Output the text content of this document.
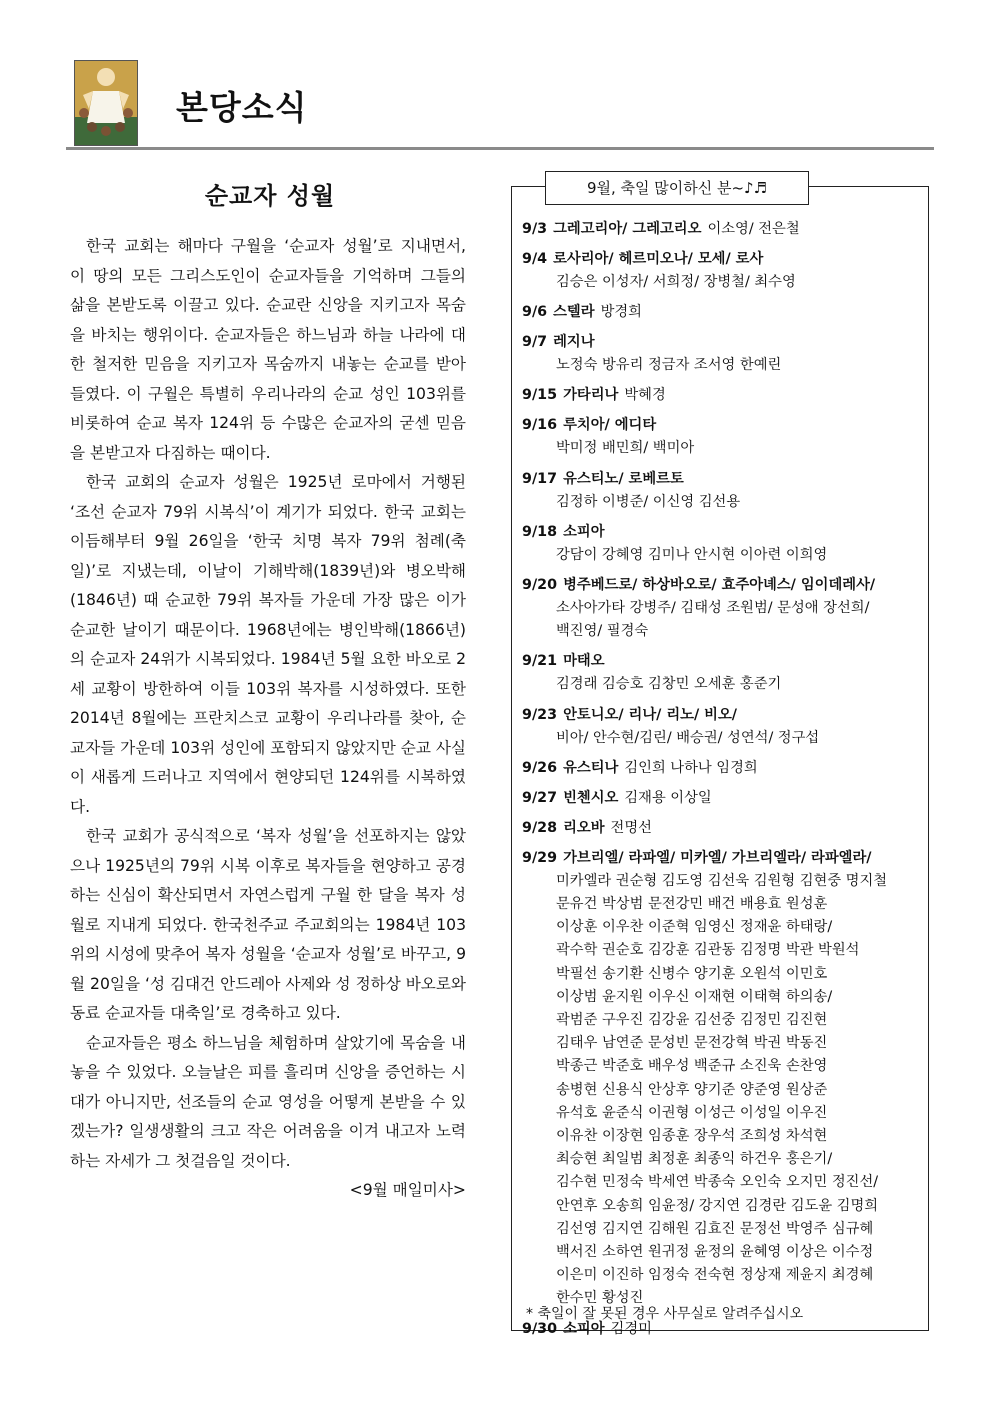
본당소식
순교자 성월

한국 교회는 해마다 구월을 ‘순교자 성월’로 지내면서, 이 땅의 모든 그리스도인이 순교자들을 기억하며 그들의 삶을 본받도록 이끌고 있다. 순교란 신앙을 지키고자 목숨을 바치는 행위이다. 순교자들은 하느님과 하늘 나라에 대한 철저한 믿음을 지키고자 목숨까지 내놓는 순교를 받아들였다. 이 구월은 특별히 우리나라의 순교 성인 103위를 비롯하여 순교 복자 124위 등 수많은 순교자의 굳센 믿음을 본받고자 다짐하는 때이다.

한국 교회의 순교자 성월은 1925년 로마에서 거행된 ‘조선 순교자 79위 시복식’이 계기가 되었다. 한국 교회는 이듬해부터 9월 26일을 ‘한국 치명 복자 79위 첨례(축일)’로 지냈는데, 이날이 기해박해(1839년)와 병오박해(1846년) 때 순교한 79위 복자들 가운데 가장 많은 이가 순교한 날이기 때문이다. 1968년에는 병인박해(1866년)의 순교자 24위가 시복되었다. 1984년 5월 요한 바오로 2세 교황이 방한하여 이들 103위 복자를 시성하였다. 또한 2014년 8월에는 프란치스코 교황이 우리나라를 찾아, 순교자들 가운데 103위 성인에 포함되지 않았지만 순교 사실이 새롭게 드러나고 지역에서 현양되던 124위를 시복하였다.

한국 교회가 공식적으로 ‘복자 성월’을 선포하지는 않았으나 1925년의 79위 시복 이후로 복자들을 현양하고 공경하는 신심이 확산되면서 자연스럽게 구월 한 달을 복자 성월로 지내게 되었다. 한국천주교 주교회의는 1984년 103위의 시성에 맞추어 복자 성월을 ‘순교자 성월’로 바꾸고, 9월 20일을 ‘성 김대건 안드레아 사제와 성 정하상 바오로와 동료 순교자들 대축일’로 경축하고 있다.

순교자들은 평소 하느님을 체험하며 살았기에 목숨을 내놓을 수 있었다. 오늘날은 피를 흘리며 신앙을 증언하는 시대가 아니지만, 선조들의 순교 영성을 어떻게 본받을 수 있겠는가? 일생생활의 크고 작은 어려움을 이겨 내고자 노력하는 자세가 그 첫걸음일 것이다.

<9월 매일미사>
9월, 축일 많이하신 분~♪♬
9/3 그레고리아/ 그레고리오 이소영/ 전은철
9/4 로사리아/ 헤르미오나/ 모세/ 로사
김승은 이성자/ 서희정/ 장병철/ 최수영
9/6 스텔라 방경희
9/7 레지나
노정숙 방유리 정금자 조서영 한예린
9/15 가타리나 박혜경
9/16 루치아/ 에디타
박미정 배민희/ 백미아
9/17 유스티노/ 로베르토
김정하 이병준/ 이신영 김선용
9/18 소피아
강담이 강혜영 김미나 안시현 이아련 이희영
9/20 병주베드로/ 하상바오로/ 효주아녜스/ 임이데레사/
소사아가타 강병주/ 김태성 조원범/ 문성애 장선희/
백진영/ 필경숙
9/21 마태오
김경래 김승호 김창민 오세훈 홍준기
9/23 안토니오/ 리나/ 리노/ 비오/
비아/ 안수현/김린/ 배승권/ 성연석/ 정구섭
9/26 유스티나 김인희 나하나 임경희
9/27 빈첸시오 김재용 이상일
9/28 리오바 전명선
9/29 가브리엘/ 라파엘/ 미카엘/ 가브리엘라/ 라파엘라/
미카엘라 권순형 김도영 김선욱 김원형 김현중 명지철
문유건 박상범 문전강민 배건 배용효 원성훈
이상훈 이우찬 이준혁 임영신 정재윤 하태랑/
곽수학 권순호 김강훈 김관동 김정명 박관 박원석
박필선 송기환 신병수 양기훈 오원석 이민호
이상범 윤지원 이우신 이재현 이태혁 하의송/
곽범준 구우진 김강윤 김선중 김정민 김진현
김태우 남연준 문성빈 문전강혁 박권 박동진
박종근 박준호 배우성 백준규 소진욱 손찬영
송병현 신용식 안상후 양기준 양준영 원상준
유석호 윤준식 이권형 이성근 이성일 이우진
이유찬 이장현 임종훈 장우석 조희성 차석현
최승현 최일범 최정훈 최종익 하건우 홍은기/
김수현 민정숙 박세연 박종숙 오인숙 오지민 정진선/
안연후 오송희 임윤정/ 강지연 김경란 김도윤 김명희
김선영 김지연 김해원 김효진 문정선 박영주 심규혜
백서진 소하연 원귀정 윤정의 윤혜영 이상은 이수정
이은미 이진하 임정숙 전숙현 정상재 제윤지 최경혜
한수민 황성진
9/30 소피아 김경미
* 축일이 잘 못된 경우 사무실로 알려주십시오
